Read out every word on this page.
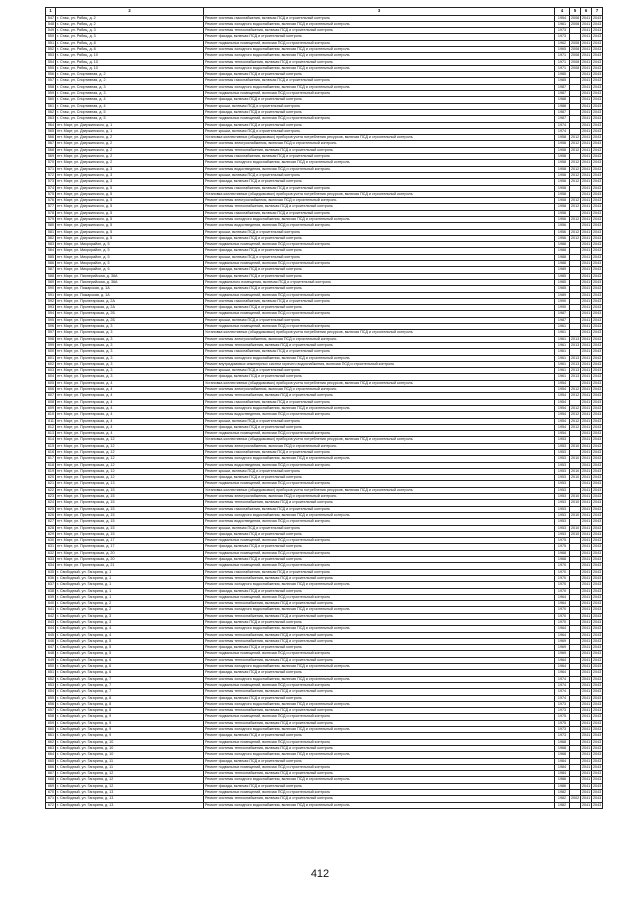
1	2	3	4	5	6	7
547	г. Стаж, ул. Рябиц, д. 2	Ремонт системы газоснабжения, включая ПСД и строительный контроль	1954	2008	2041	2043
548	г. Стаж, ул. Рябиц, д. 2	Ремонт системы холодного водоснабжения, включая ПСД и строительный контроль	1961	2008	2041	2043
549	г. Стаж, ул. Рябиц, д. 3	Ремонт системы теплоснабжения, включая ПСД и строительный контроль	1973		2041	2043
550	г. Стаж, ул. Рябиц, д. 3	Ремонт фасада, включая ПСД и строительный контроль	1973		2041	2043
551	г. Стаж, ул. Рябиц, д. 8	Ремонт подвальных помещений, включая ПСД и строительный контроль	1962	2008	2041	2043
552	г. Стаж, ул. Рябиц, д. 8	Ремонт системы холодного водоснабжения, включая ПСД и строительный контроль	1965	2008	2041	2043
553	г. Стаж, ул. Рябиц, д. 10	Ремонт системы холодного водоснабжения, включая ПСД и строительный контроль	1971	2008	2041	2043
554	г. Стаж, ул. Рябиц, д. 10	Ремонт системы теплоснабжения, включая ПСД и строительный контроль	1971	2008	2041	2043
555	г. Стаж, ул. Рябиц, д. 10	Ремонт системы холодного водоснабжения, включая ПСД и строительный контроль	1971	2008	2041	2043
556	г. Стаж, ул. Спортивная, д. 2	Ремонт фасада, включая ПСД и строительный контроль	1985		2041	2043
557	г. Стаж, ул. Спортивная, д. 2	Ремонт системы газоснабжения, включая ПСД и строительный контроль	1985		2041	2043
558	г. Стаж, ул. Спортивная, д. 3	Ремонт системы холодного водоснабжения, включая ПСД и строительный контроль	1987		2041	2043
559	г. Стаж, ул. Спортивная, д. 3	Ремонт подвальных помещений, включая ПСД и строительный контроль	1987		2041	2043
560	г. Стаж, ул. Спортивная, д. 4	Ремонт фасада, включая ПСД и строительный контроль	1988		2041	2043
561	г. Стаж, ул. Спортивная, д. 4	Ремонт крыши, включая ПСД и строительный контроль	1988		2041	2043
562	г. Стаж, ул. Спортивная, д. 5	Ремонт фасада, включая ПСД и строительный контроль	1987		2041	2043
563	г. Стаж, ул. Спортивная, д. 5	Ремонт подвальных помещений, включая ПСД и строительный контроль	1987		2041	2043
564	пгт. Март, ул. Дзержинского, д. 1	Ремонт фасада, включая ПСД и строительный контроль	1974		2041	2043
565	пгт. Март, ул. Дзержинского, д. 1	Ремонт крыши, включая ПСД и строительный контроль	1974		2041	2043
566	пгт. Март, ул. Дзержинского, д. 2	Установка коллективных (общедомовых) приборов учета потребления ресурсов, включая ПСД и строительный контроль	1958	2012	2041	2043
567	пгт. Март, ул. Дзержинского, д. 2	Ремонт системы электроснабжения, включая ПСД и строительный контроль	1958	2012	2041	2043
568	пгт. Март, ул. Дзержинского, д. 2	Ремонт системы теплоснабжения, включая ПСД и строительный контроль	1958	2012	2041	2043
569	пгт. Март, ул. Дзержинского, д. 2	Ремонт системы газоснабжения, включая ПСД и строительный контроль	1958		2041	2043
570	пгт. Март, ул. Дзержинского, д. 2	Ремонт системы холодного водоснабжения, включая ПСД и строительный контроль	1958	2012	2041	2043
571	пгт. Март, ул. Дзержинского, д. 3	Ремонт системы водоотведения, включая ПСД и строительный контроль	1958	2012	2041	2043
572	пгт. Март, ул. Дзержинского, д. 3	Ремонт крыши, включая ПСД и строительный контроль	1958	2012	2041	2043
573	пгт. Март, ул. Дзержинского, д. 3	Ремонт фасада, включая ПСД и строительный контроль	1958	2012	2041	2043
574	пгт. Март, ул. Дзержинского, д. 5	Ремонт системы газоснабжения, включая ПСД и строительный контроль	1958		2041	2043
575	пгт. Март, ул. Дзержинского, д. 5	Установка коллективных (общедомовых) приборов учета потребления ресурсов, включая ПСД и строительный контроль	1958		2041	2043
576	пгт. Март, ул. Дзержинского, д. 5	Ремонт системы электроснабжения, включая ПСД и строительный контроль	1958	2012	2041	2043
577	пгт. Март, ул. Дзержинского, д. 5	Ремонт системы теплоснабжения, включая ПСД и строительный контроль	1958	2012	2041	2043
578	пгт. Март, ул. Дзержинского, д. 5	Ремонт системы газоснабжения, включая ПСД и строительный контроль	1958		2041	2043
579	пгт. Март, ул. Дзержинского, д. 5	Ремонт системы холодного водоснабжения, включая ПСД и строительный контроль	1956	2012	2041	2043
580	пгт. Март, ул. Дзержинского, д. 5	Ремонт системы водоотведения, включая ПСД и строительный контроль	1956		2041	2043
581	пгт. Март, ул. Дзержинского, д. 5	Ремонт крыши, включая ПСД и строительный контроль	1956	2012	2041	2043
582	пгт. Март, ул. Дзержинского, д. 5	Ремонт фасада, включая ПСД и строительный контроль	1956	2012	2041	2043
583	пгт. Март, ул. Микрорайон, д. 5	Ремонт подвальных помещений, включая ПСД и строительный контроль	1988		2041	2043
584	пгт. Март, ул. Микрорайон, д. 5	Ремонт фасада, включая ПСД и строительный контроль	1988		2041	2043
585	пгт. Март, ул. Микрорайон, д. 5	Ремонт крыши, включая ПСД и строительный контроль	1988		2041	2043
586	пгт. Март, ул. Микрорайон, д. 5	Ремонт подвальных помещений, включая ПСД и строительный контроль	1988		2041	2043
587	пгт. Март, ул. Микрорайон, д. 6	Ремонт фасада, включая ПСД и строительный контроль	1989		2041	2043
588	пгт. Март, ул. Пионерийская, д. 36А	Ремонт фасада, включая ПСД и строительный контроль	1985		2041	2043
589	пгт. Март, ул. Пионерийская, д. 36А	Ремонт подвального помещения, включая ПСД и строительный контроль	1985		2041	2043
590	пгт. Март, ул. Пожарская, д. 1А	Ремонт фасада, включая ПСД и строительный контроль	1985		2041	2043
591	пгт. Март, ул. Пожарская, д. 1А	Ремонт подвальных помещений, включая ПСД и строительный контроль	1989		2041	2043
592	пгт. Март, ул. Пролетарская, д. 2А	Ремонт системы газоснабжения, включая ПСД и строительный контроль	1990		2041	2043
593	пгт. Март, ул. Пролетарская, д. 2А	Ремонт фасада, включая ПСД и строительный контроль	1990		2041	2043
594	пгт. Март, ул. Пролетарская, д. 2Б	Ремонт подвальных помещений, включая ПСД и строительный контроль	1987		2041	2043
595	пгт. Март, ул. Пролетарская, д. 2Б	Ремонт крыши, включая ПСД и строительный контроль	1987		2041	2043
596	пгт. Март, ул. Пролетарская, д. 3	Ремонт подвальных помещений, включая ПСД и строительный контроль	1961		2041	2043
597	пгт. Март, ул. Пролетарская, д. 3	Установка коллективных (общедомовых) приборов учета потребления ресурсов, включая ПСД и строительный контроль	1961		2041	2043
598	пгт. Март, ул. Пролетарская, д. 3	Ремонт системы электроснабжения, включая ПСД и строительный контроль	1961	2013	2041	2043
599	пгт. Март, ул. Пролетарская, д. 3	Ремонт системы теплоснабжения, включая ПСД и строительный контроль	1961	2013	2041	2043
600	пгт. Март, ул. Пролетарская, д. 3	Ремонт системы газоснабжения, включая ПСД и строительный контроль	1961		2041	2043
601	пгт. Март, ул. Пролетарская, д. 3	Ремонт системы холодного водоснабжения, включая ПСД и строительный контроль	1961	2013	2041	2043
602	пгт. Март, ул. Пролетарская, д. 3	Ремонт внутридомовых инженерных систем горячего водоснабжения, включая ПСД и строительный контроль	1961	2013	2041	2043
603	пгт. Март, ул. Пролетарская, д. 3	Ремонт крыши, включая ПСД и строительный контроль	1961	2013	2041	2043
604	пгт. Март, ул. Пролетарская, д. 3	Ремонт фасада, включая ПСД и строительный контроль	1961	2013	2041	2043
605	пгт. Март, ул. Пролетарская, д. 4	Установка коллективных (общедомовых) приборов учета потребления ресурсов, включая ПСД и строительный контроль	1954		2041	2043
606	пгт. Март, ул. Пролетарская, д. 4	Ремонт системы электроснабжения, включая ПСД и строительный контроль	1954	2012	2041	2043
607	пгт. Март, ул. Пролетарская, д. 4	Ремонт системы теплоснабжения, включая ПСД и строительный контроль	1954	2012	2041	2043
608	пгт. Март, ул. Пролетарская, д. 4	Ремонт системы газоснабжения, включая ПСД и строительный контроль	1954		2041	2043
609	пгт. Март, ул. Пролетарская, д. 4	Ремонт системы холодного водоснабжения, включая ПСД и строительный контроль	1954	2012	2041	2043
610	пгт. Март, ул. Пролетарская, д. 4	Ремонт системы водоотведения, включая ПСД и строительный контроль	1954	2012	2041	2043
611	пгт. Март, ул. Пролетарская, д. 4	Ремонт крыши, включая ПСД и строительный контроль	1954	2012	2041	2043
612	пгт. Март, ул. Пролетарская, д. 4	Ремонт фасада, включая ПСД и строительный контроль	1954	2012	2041	2043
613	пгт. Март, ул. Пролетарская, д. 4	Ремонт подвальных помещений, включая ПСД и строительный контроль	1954		2041	2043
614	пгт. Март, ул. Пролетарская, д. 12	Установка коллективных (общедомовых) приборов учета потребления ресурсов, включая ПСД и строительный контроль	1953		2041	2043
615	пгт. Март, ул. Пролетарская, д. 12	Ремонт системы электроснабжения, включая ПСД и строительный контроль	1953	2010	2041	2043
616	пгт. Март, ул. Пролетарская, д. 12	Ремонт системы газоснабжения, включая ПСД и строительный контроль	1953		2041	2043
617	пгт. Март, ул. Пролетарская, д. 12	Ремонт системы холодного водоснабжения, включая ПСД и строительный контроль	1953	2010	2041	2043
618	пгт. Март, ул. Пролетарская, д. 12	Ремонт системы водоотведения, включая ПСД и строительный контроль	1953		2041	2043
619	пгт. Март, ул. Пролетарская, д. 12	Ремонт крыши, включая ПСД и строительный контроль	1953	2010	2041	2043
620	пгт. Март, ул. Пролетарская, д. 12	Ремонт фасада, включая ПСД и строительный контроль	1953	2010	2041	2043
621	пгт. Март, ул. Пролетарская, д. 13	Ремонт подвальных помещений, включая ПСД и строительный контроль	1953		2041	2043
622	пгт. Март, ул. Пролетарская, д. 15	Установка коллективных (общедомовых) приборов учета потребления ресурсов, включая ПСД и строительный контроль	1953		2041	2043
623	пгт. Март, ул. Пролетарская, д. 15	Ремонт системы электроснабжения, включая ПСД и строительный контроль	1953	2010	2041	2043
624	пгт. Март, ул. Пролетарская, д. 15	Ремонт системы теплоснабжения, включая ПСД и строительный контроль	1953	2010	2041	2043
625	пгт. Март, ул. Пролетарская, д. 15	Ремонт системы газоснабжения, включая ПСД и строительный контроль	1953		2041	2043
626	пгт. Март, ул. Пролетарская, д. 15	Ремонт системы холодного водоснабжения, включая ПСД и строительный контроль	1953	2010	2041	2043
627	пгт. Март, ул. Пролетарская, д. 15	Ремонт системы водоотведения, включая ПСД и строительный контроль	1953		2041	2043
628	пгт. Март, ул. Пролетарская, д. 15	Ремонт крыши, включая ПСД и строительный контроль	1953	2010	2041	2043
629	пгт. Март, ул. Пролетарская, д. 15	Ремонт фасада, включая ПСД и строительный контроль	1953	2010	2041	2043
630	пгт. Март, ул. Пролетарская, д. 17	Ремонт подвальных помещений, включая ПСД и строительный контроль	1975		2041	2043
631	пгт. Март, ул. Пролетарская, д. 17	Ремонт фасада, включая ПСД и строительный контроль	1975		2041	2043
632	пгт. Март, ул. Пролетарская, д. 20	Ремонт подвальных помещений, включая ПСД и строительный контроль	1968		2041	2043
633	пгт. Март, ул. Пролетарская, д. 20	Ремонт фасада, включая ПСД и строительный контроль	1968		2041	2043
634	пгт. Март, ул. Пролетарская, д. 21	Ремонт подвальных помещений, включая ПСД и строительный контроль	1970		2041	2043
635	г. Свободный, ул. Гагарина, д. 1	Ремонт системы газоснабжения, включая ПСД и строительный контроль	1970		2041	2043
636	г. Свободный, ул. Гагарина, д. 1	Ремонт системы теплоснабжения, включая ПСД и строительный контроль	1970		2041	2043
637	г. Свободный, ул. Гагарина, д. 1	Ремонт системы холодного водоснабжения, включая ПСД и строительный контроль	1970		2041	2043
638	г. Свободный, ул. Гагарина, д. 1	Ремонт фасада, включая ПСД и строительный контроль	1970		2041	2043
639	г. Свободный, ул. Гагарина, д. 1	Ремонт подвальных помещений, включая ПСД и строительный контроль	1964		2041	2043
640	г. Свободный, ул. Гагарина, д. 2	Ремонт системы теплоснабжения, включая ПСД и строительный контроль	1964		2041	2043
641	г. Свободный, ул. Гагарина, д. 2	Ремонт системы холодного водоснабжения, включая ПСД и строительный контроль	1970		2041	2043
642	г. Свободный, ул. Гагарина, д. 3	Ремонт системы теплоснабжения, включая ПСД и строительный контроль	1970		2041	2043
643	г. Свободный, ул. Гагарина, д. 3	Ремонт фасада, включая ПСД и строительный контроль	1970		2041	2043
644	г. Свободный, ул. Гагарина, д. 4	Ремонт системы холодного водоснабжения, включая ПСД и строительный контроль	1964		2041	2043
645	г. Свободный, ул. Гагарина, д. 4	Ремонт системы теплоснабжения, включая ПСД и строительный контроль	1964		2041	2043
646	г. Свободный, ул. Гагарина, д. 5	Ремонт системы теплоснабжения, включая ПСД и строительный контроль	1969		2041	2043
647	г. Свободный, ул. Гагарина, д. 5	Ремонт фасада, включая ПСД и строительный контроль	1969		2041	2043
648	г. Свободный, ул. Гагарина, д. 5	Ремонт подвальных помещений, включая ПСД и строительный контроль	1969		2041	2043
649	г. Свободный, ул. Гагарина, д. 6	Ремонт системы теплоснабжения, включая ПСД и строительный контроль	1964		2041	2043
650	г. Свободный, ул. Гагарина, д. 6	Ремонт системы холодного водоснабжения, включая ПСД и строительный контроль	1964		2041	2043
651	г. Свободный, ул. Гагарина, д. 6	Ремонт фасада, включая ПСД и строительный контроль	1964		2041	2043
652	г. Свободный, ул. Гагарина, д. 7	Ремонт системы холодного водоснабжения, включая ПСД и строительный контроль	1974		2041	2043
653	г. Свободный, ул. Гагарина, д. 7	Ремонт подвальных помещений, включая ПСД и строительный контроль	1974		2041	2043
654	г. Свободный, ул. Гагарина, д. 7	Ремонт системы теплоснабжения, включая ПСД и строительный контроль	1974		2041	2043
655	г. Свободный, ул. Гагарина, д. 8	Ремонт фасада, включая ПСД и строительный контроль	1974		2041	2043
656	г. Свободный, ул. Гагарина, д. 8	Ремонт системы холодного водоснабжения, включая ПСД и строительный контроль	1973		2041	2043
657	г. Свободный, ул. Гагарина, д. 8	Ремонт системы теплоснабжения, включая ПСД и строительный контроль	1973		2041	2043
658	г. Свободный, ул. Гагарина, д. 9	Ремонт подвальных помещений, включая ПСД и строительный контроль	1975		2041	2043
659	г. Свободный, ул. Гагарина, д. 9	Ремонт системы теплоснабжения, включая ПСД и строительный контроль	1975		2041	2043
660	г. Свободный, ул. Гагарина, д. 9	Ремонт системы холодного водоснабжения, включая ПСД и строительный контроль	1973		2041	2043
661	г. Свободный, ул. Гагарина, д. 9	Ремонт фасада, включая ПСД и строительный контроль	1973		2041	2043
662	г. Свободный, ул. Гагарина, д. 10	Ремонт подвальных помещений, включая ПСД и строительный контроль	1968		2041	2043
663	г. Свободный, ул. Гагарина, д. 10	Ремонт системы теплоснабжения, включая ПСД и строительный контроль	1968		2041	2043
664	г. Свободный, ул. Гагарина, д. 10	Ремонт системы холодного водоснабжения, включая ПСД и строительный контроль	1968		2041	2043
665	г. Свободный, ул. Гагарина, д. 11	Ремонт фасада, включая ПСД и строительный контроль	1984		2041	2043
666	г. Свободный, ул. Гагарина, д. 11	Ремонт подвальных помещений, включая ПСД и строительный контроль	1984		2041	2043
667	г. Свободный, ул. Гагарина, д. 12	Ремонт системы теплоснабжения, включая ПСД и строительный контроль	1984		2041	2043
668	г. Свободный, ул. Гагарина, д. 12	Ремонт системы холодного водоснабжения, включая ПСД и строительный контроль	1986		2041	2043
669	г. Свободный, ул. Гагарина, д. 12	Ремонт фасада, включая ПСД и строительный контроль	1986		2041	2043
670	г. Свободный, ул. Гагарина, д. 13	Ремонт подвальных помещений, включая ПСД и строительный контроль	1982		2041	2043
671	г. Свободный, ул. Гагарина, д. 13	Ремонт системы теплоснабжения, включая ПСД и строительный контроль	1982	2002	2041	2043
672	г. Свободный, ул. Гагарина, д. 13	Ремонт системы холодного водоснабжения, включая ПСД и строительный контроль	1982		2041	2043
412
